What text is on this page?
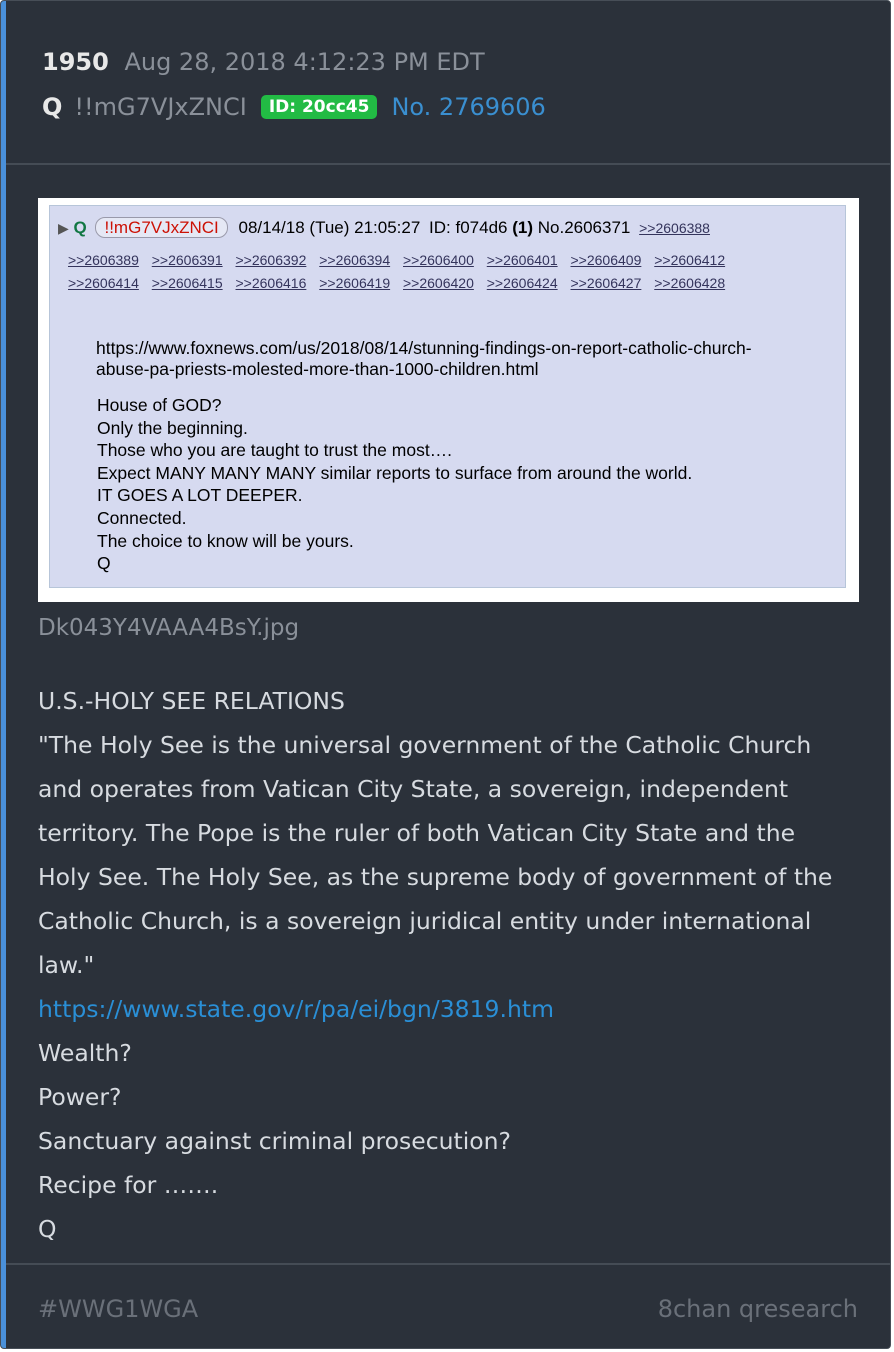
1950 Aug 28, 2018 4:12:23 PM EDT
Q !!mG7VJxZNCI	ID: 20cc45 No. 2769606
▶ Q !!mG7VJxZNCI 08/14/18 (Tue) 21:05:27 ID: f074d6 (1) No.2606371 >>2606388
>>2606389 >>2606391 >>2606392 >>2606394 >>2606400 >>2606401 >>2606409 >>2606412
>>2606414 >>2606415 >>2606416 >>2606419 >>2606420 >>2606424 >>2606427 >>2606428
https://www.foxnews.com/us/2018/08/14/stunning-findings-on-report-catholic-church-abuse-pa-priests-molested-more-than-1000-children.html
House of GOD?
Only the beginning.
Those who you are taught to trust the most….
Expect MANY MANY MANY similar reports to surface from around the world.
IT GOES A LOT DEEPER.
Connected.
The choice to know will be yours.
Q
Dk043Y4VAAA4BsY.jpg
U.S.-HOLY SEE RELATIONS
"The Holy See is the universal government of the Catholic Church
and operates from Vatican City State, a sovereign, independent
territory. The Pope is the ruler of both Vatican City State and the
Holy See. The Holy See, as the supreme body of government of the
Catholic Church, is a sovereign juridical entity under international
law."
https://www.state.gov/r/pa/ei/bgn/3819.htm
Wealth?
Power?
Sanctuary against criminal prosecution?
Recipe for …….
Q
#WWG1WGA	8chan qresearch
